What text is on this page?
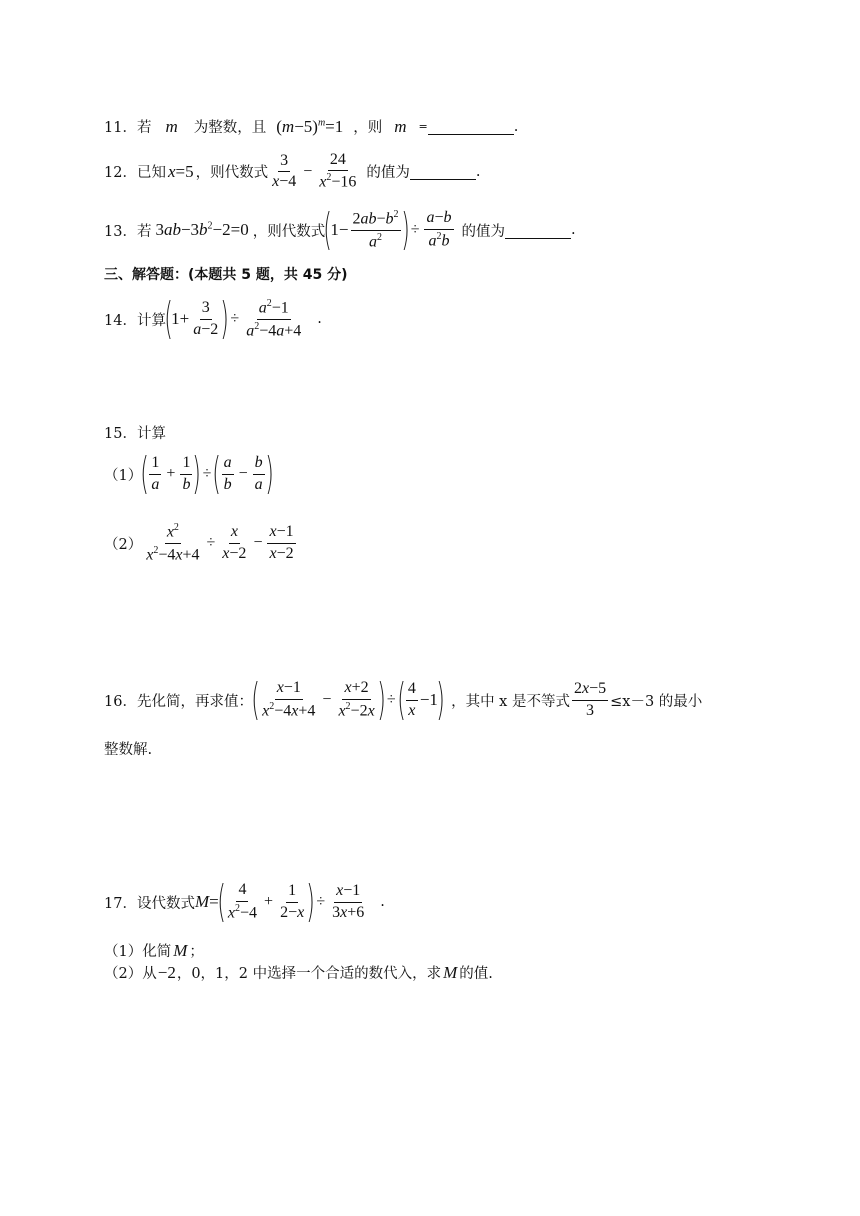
11． 若 m 为整数，且 $(m-5)^m=1$ ，则 m =	.
12． 已知 x=5 ，则代数式 $\frac{3}{x-4} - \frac{24}{x^2-16}$ 的值为	.
13． 若 $3ab-3b^2-2=0$ ，则代数式
(
$1- \frac{2ab-b^2}{a^2}$ ) ÷ $\frac{a-b}{a^2b}$ 的值为	.
三、解答题：(本题共 5 题，共 45 分)
14． 计算
(
$1+ \frac{3}{a-2}$ ) ÷ $\frac{a^2-1}{a^2-4a+4}$ .
15． 计算
（1）
( $\frac{1}{a} + \frac{1}{b}$ ) ÷ ( $\frac{a}{b} - \frac{b}{a}$ )
$(2) \frac{x^2}{x^2-4x+4} \div \frac{x}{x-2} - \frac{x-1}{x-2}$
16． 先化简，再求值：
( $\frac{x-1}{x^2-4x+4} - \frac{x+2}{x^2-2x}$ ) ÷ ( $\frac{4}{x} -1$
) ，其中 x 是不等式 $\frac{2x-5}{3} \le x-3$ 的最小
整数解.
17． 设代数式 M=
( $\frac{4}{x^2-4} + \frac{1}{2-x}$ ) ÷ $\frac{x-1}{3x+6}$ .
（1）化简 M ；
（2）从 −2 ，0，1，2 中选择一个合适的数代入，求 M 的值.
